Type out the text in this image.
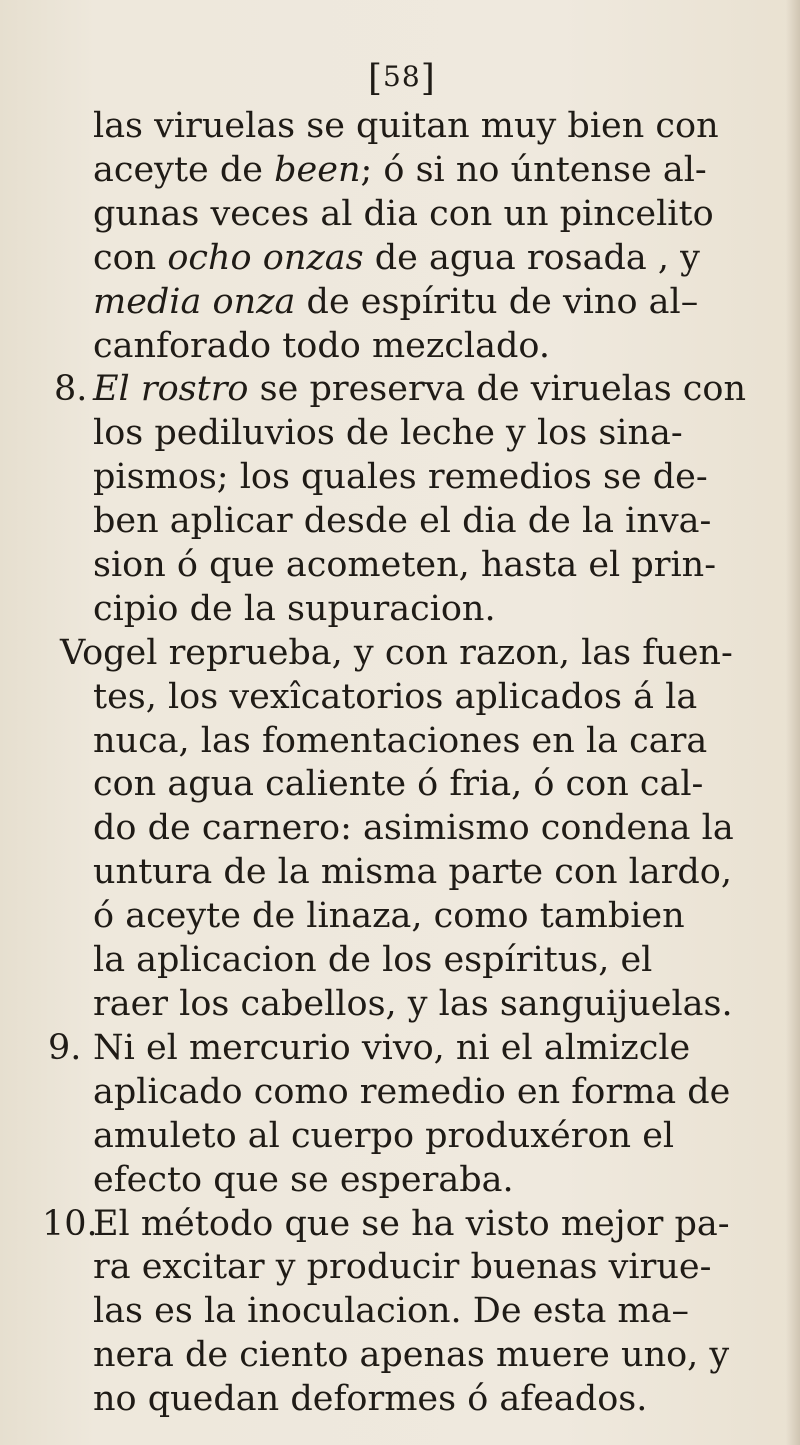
[58]
8.
9.
10.
las viruelas se quitan muy bien con
aceyte de been; ó si no úntense al-
gunas veces al dia con un pincelito
con ocho onzas de agua rosada , y
media onza de espíritu de vino al–
canforado todo mezclado.
El rostro se preserva de viruelas con
los pediluvios de leche y los sina-
pismos; los quales remedios se de-
ben aplicar desde el dia de la inva-
sion ó que acometen, hasta el prin-
cipio de la supuracion.
Vogel reprueba, y con razon, las fuen-
tes, los vexîcatorios aplicados á la
nuca, las fomentaciones en la cara
con agua caliente ó fria, ó con cal-
do de carnero: asimismo condena la
untura de la misma parte con lardo,
ó aceyte de linaza, como tambien
la aplicacion de los espíritus, el
raer los cabellos, y las sanguijuelas.
Ni el mercurio vivo, ni el almizcle
aplicado como remedio en forma de
amuleto al cuerpo produxéron el
efecto que se esperaba.
El método que se ha visto mejor pa-
ra excitar y producir buenas virue-
las es la inoculacion. De esta ma–
nera de ciento apenas muere uno, y
no quedan deformes ó afeados.
